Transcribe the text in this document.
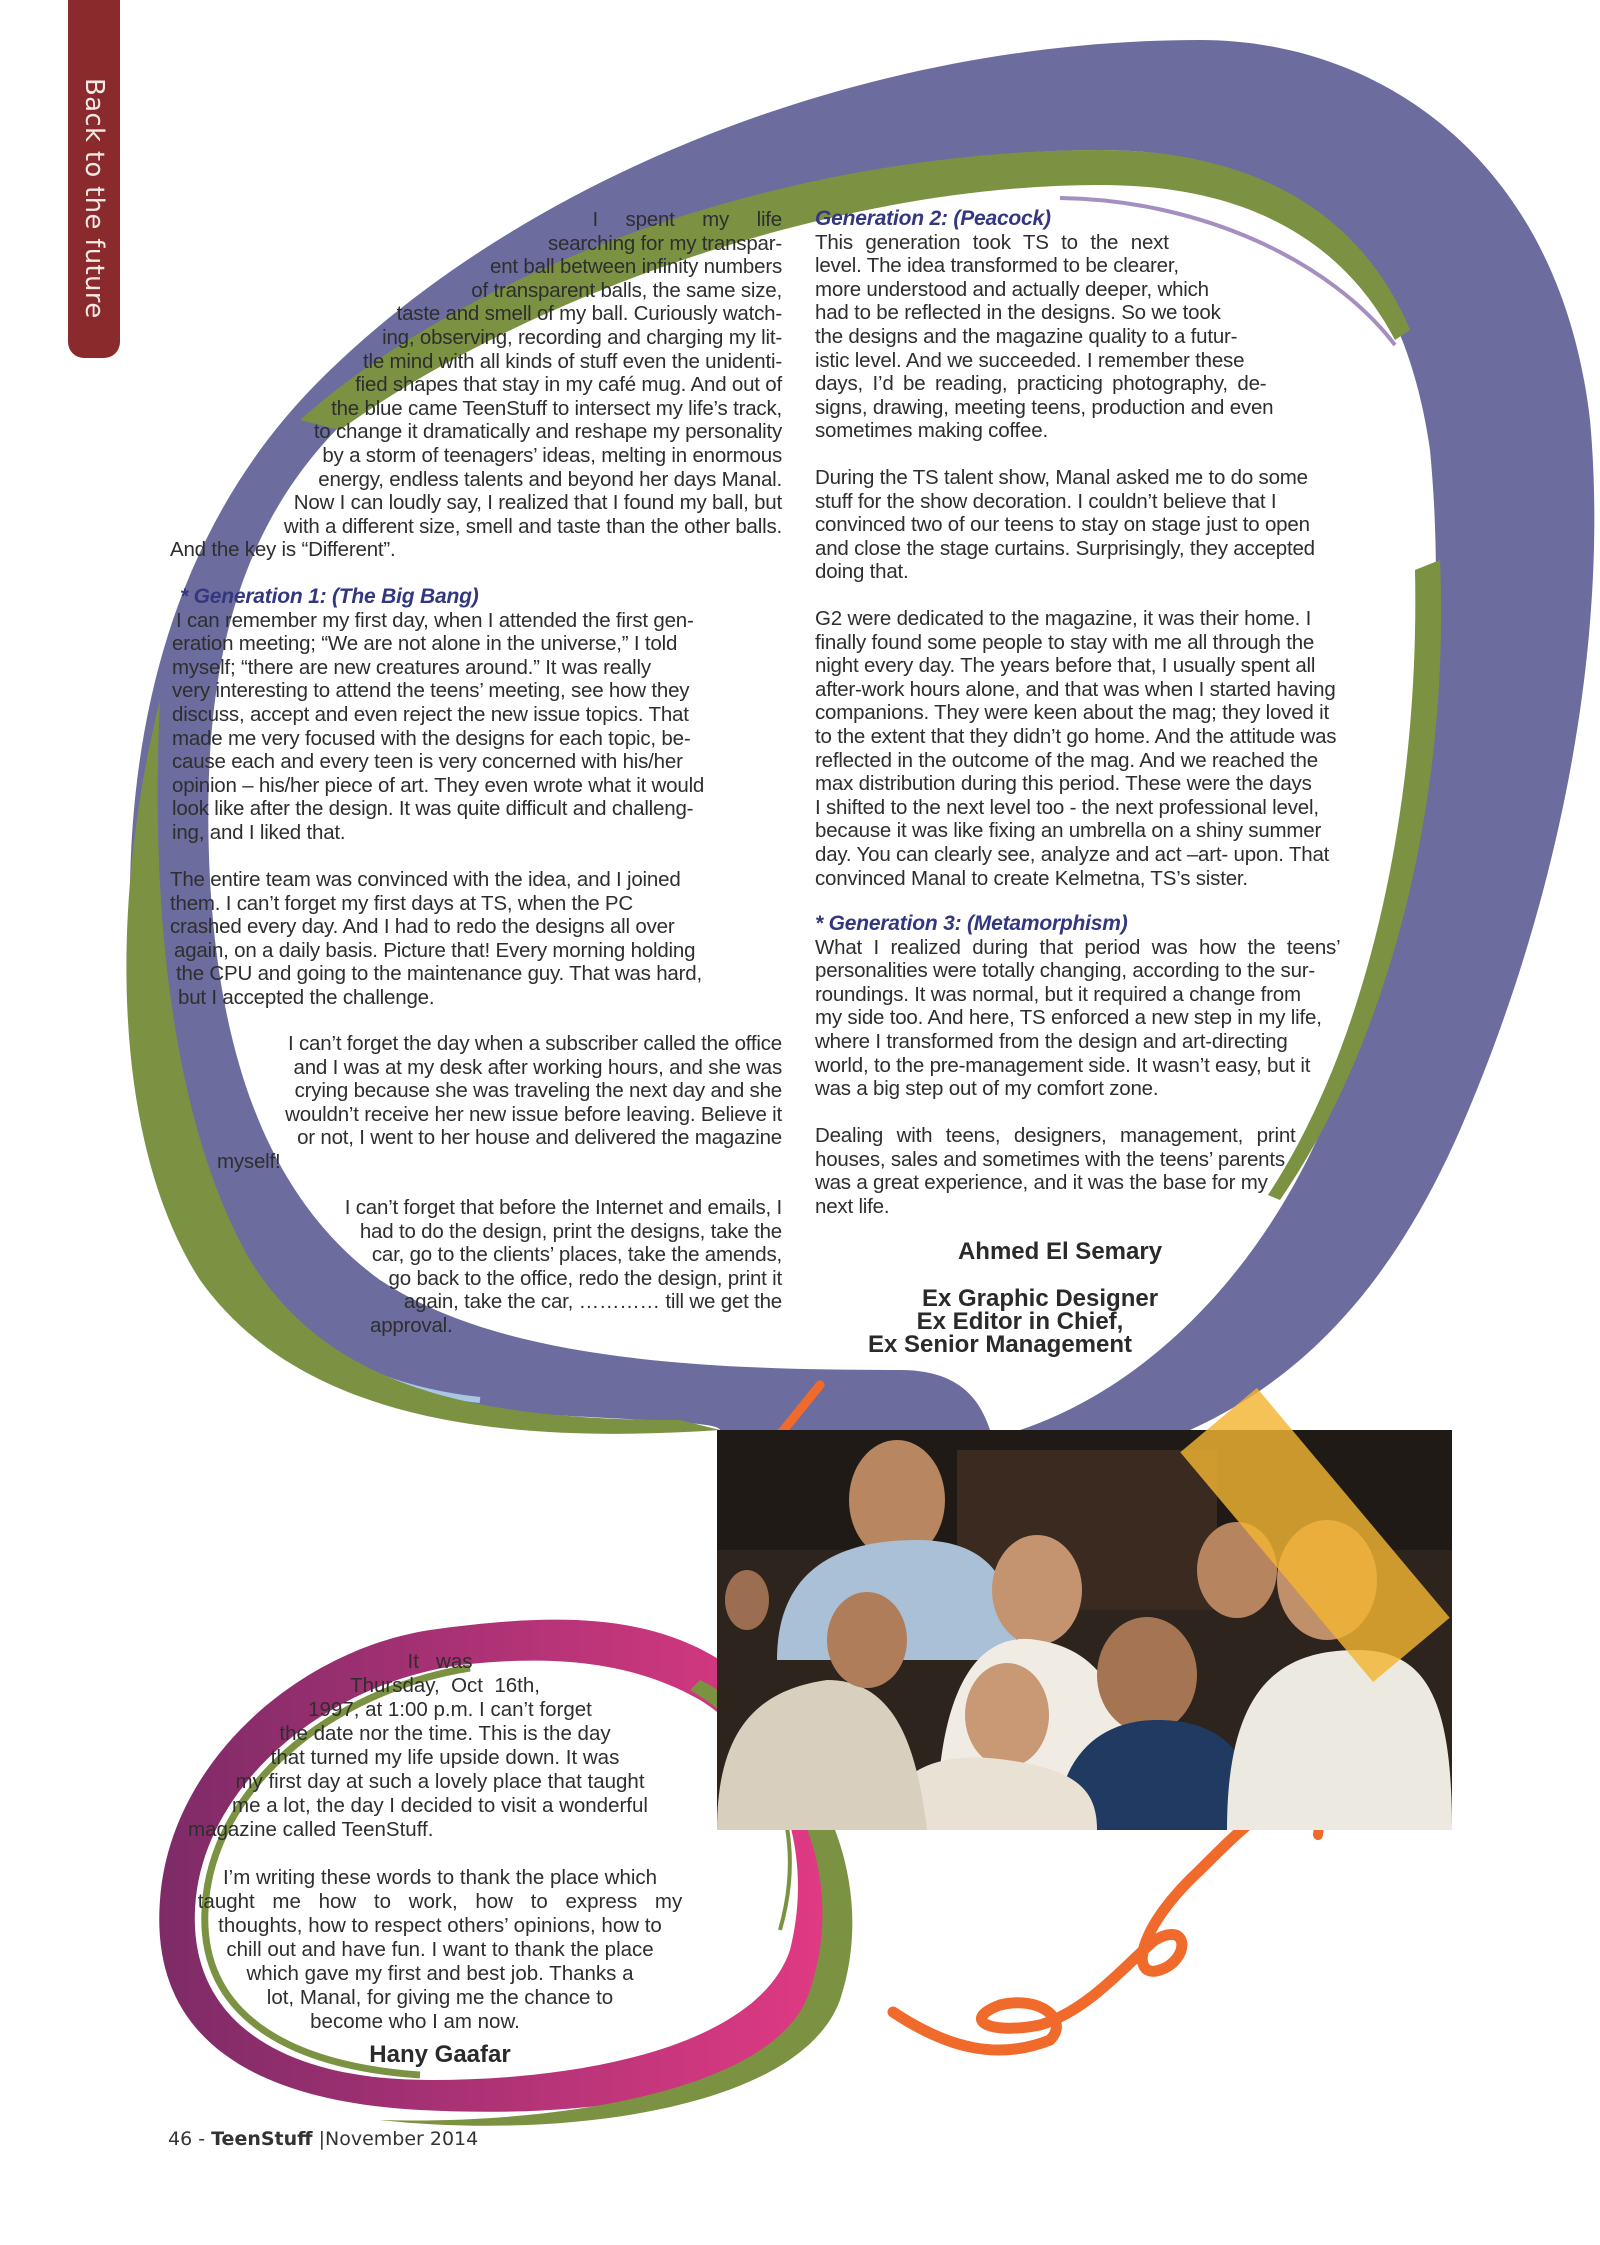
Back to the future	I spent my life
searching for my transpar-
ent ball between infinity numbers
of transparent balls, the same size,
taste and smell of my ball. Curiously watch-
ing, observing, recording and charging my lit-
tle mind with all kinds of stuff even the unidenti-
fied shapes that stay in my café mug. And out of
the blue came TeenStuff to intersect my life’s track,
to change it dramatically and reshape my personality
by a storm of teenagers’ ideas, melting in enormous
energy, endless talents and beyond her days Manal.
Now I can loudly say, I realized that I found my ball, but
with a different size, smell and taste than the other balls.
And the key is “Different”.
* Generation 1: (The Big Bang)
I can remember my first day, when I attended the first gen-
eration meeting; “We are not alone in the universe,” I told
myself; “there are new creatures around.” It was really
very interesting to attend the teens’ meeting, see how they
discuss, accept and even reject the new issue topics. That
made me very focused with the designs for each topic, be-
cause each and every teen is very concerned with his/her
opinion – his/her piece of art. They even wrote what it would
look like after the design. It was quite difficult and challeng-
ing, and I liked that.
The entire team was convinced with the idea, and I joined
them. I can’t forget my first days at TS, when the PC
crashed every day. And I had to redo the designs all over
again, on a daily basis. Picture that! Every morning holding
the CPU and going to the maintenance guy. That was hard,
but I accepted the challenge.
I can’t forget the day when a subscriber called the office
and I was at my desk after working hours, and she was
crying because she was traveling the next day and she
wouldn’t receive her new issue before leaving. Believe it
or not, I went to her house and delivered the magazine
myself!
I can’t forget that before the Internet and emails, I
had to do the design, print the designs, take the
car, go to the clients’ places, take the amends,
go back to the office, redo the design, print it
again, take the car, ………… till we get the
approval.
Generation 2: (Peacock)
This generation took TS to the next
level. The idea transformed to be clearer,
more understood and actually deeper, which
had to be reflected in the designs. So we took
the designs and the magazine quality to a futur-
istic level. And we succeeded. I remember these
days, I’d be reading, practicing photography, de-
signs, drawing, meeting teens, production and even
sometimes making coffee.
During the TS talent show, Manal asked me to do some
stuff for the show decoration. I couldn’t believe that I
convinced two of our teens to stay on stage just to open
and close the stage curtains. Surprisingly, they accepted
doing that.
G2 were dedicated to the magazine, it was their home. I
finally found some people to stay with me all through the
night every day. The years before that, I usually spent all
after-work hours alone, and that was when I started having
companions. They were keen about the mag; they loved it
to the extent that they didn’t go home. And the attitude was
reflected in the outcome of the mag. And we reached the
max distribution during this period. These were the days
I shifted to the next level too - the next professional level,
because it was like fixing an umbrella on a shiny summer
day. You can clearly see, analyze and act –art- upon. That
convinced Manal to create Kelmetna, TS’s sister.
* Generation 3: (Metamorphism)
What I realized during that period was how the teens’
personalities were totally changing, according to the sur-
roundings. It was normal, but it required a change from
my side too. And here, TS enforced a new step in my life,
where I transformed from the design and art-directing
world, to the pre-management side. It wasn’t easy, but it
was a big step out of my comfort zone.
Dealing with teens, designers, management, print
houses, sales and sometimes with the teens’ parents
was a great experience, and it was the base for my
next life.
Ahmed El Semary
Ex Graphic Designer
Ex Editor in Chief,
Ex Senior Management
It   was
Thursday,  Oct  16th,
1997, at 1:00 p.m. I can’t forget
the date nor the time. This is the day
that turned my life upside down. It was
my first day at such a lovely place that taught
me a lot, the day I decided to visit a wonderful
magazine called TeenStuff.

I’m writing these words to thank the place which
taught me how to work, how to express my
thoughts, how to respect others’ opinions, how to
chill out and have fun. I want to thank the place
which gave my first and best job. Thanks a
lot, Manal, for giving me the chance to
become who I am now.
Hany Gaafar
46 - TeenStuff |November 2014
